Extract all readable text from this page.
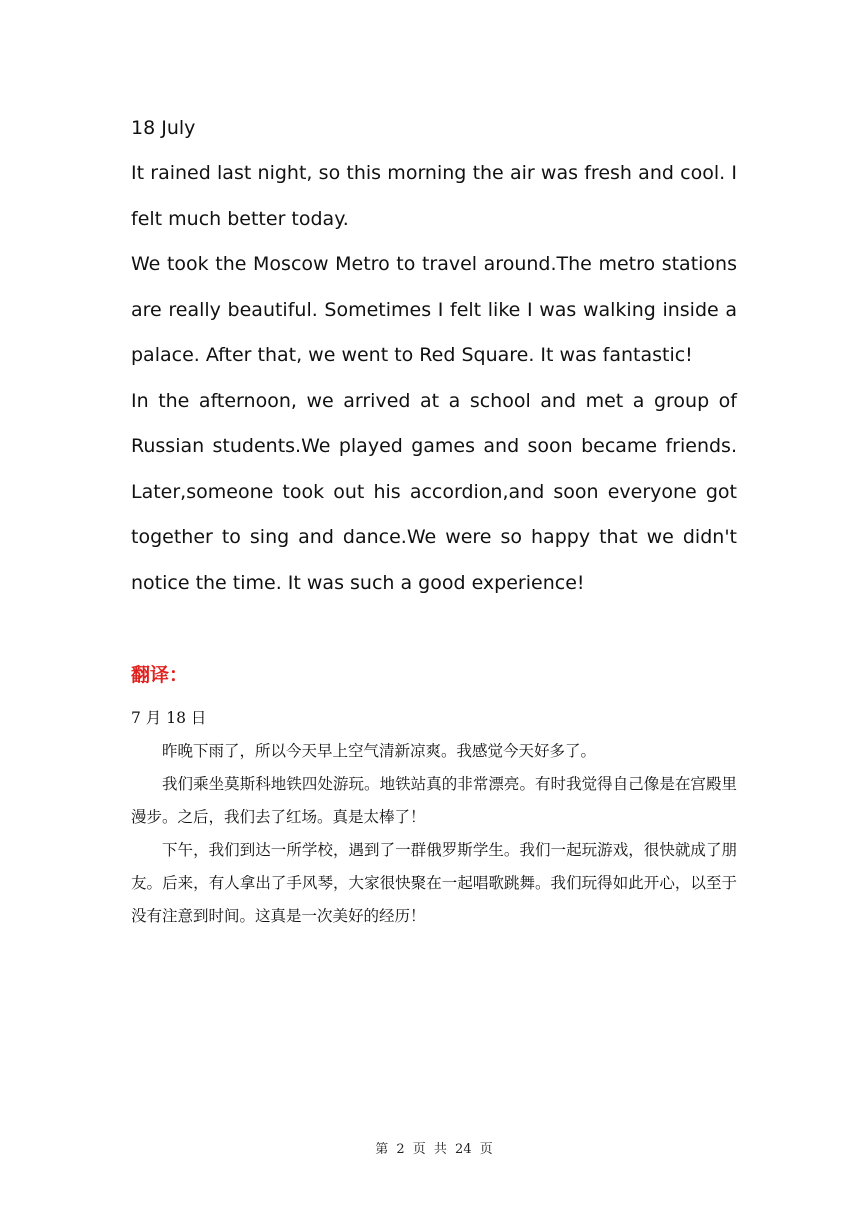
18 July

It rained last night, so this morning the air was fresh and cool. I felt much better today.

We took the Moscow Metro to travel around.The metro stations are really beautiful. Sometimes I felt like I was walking inside a palace. After that, we went to Red Square. It was fantastic!

In the afternoon, we arrived at a school and met a group of Russian students.We played games and soon became friends. Later,someone took out his accordion,and soon everyone got together to sing and dance.We were so happy that we didn't notice the time. It was such a good experience!

翻译：

7 月 18 日

昨晚下雨了，所以今天早上空气清新凉爽。我感觉今天好多了。

我们乘坐莫斯科地铁四处游玩。地铁站真的非常漂亮。有时我觉得自己像是在宫殿里漫步。之后，我们去了红场。真是太棒了！

下午，我们到达一所学校，遇到了一群俄罗斯学生。我们一起玩游戏，很快就成了朋友。后来，有人拿出了手风琴，大家很快聚在一起唱歌跳舞。我们玩得如此开心，以至于没有注意到时间。这真是一次美好的经历！

第 2 页 共 24 页
